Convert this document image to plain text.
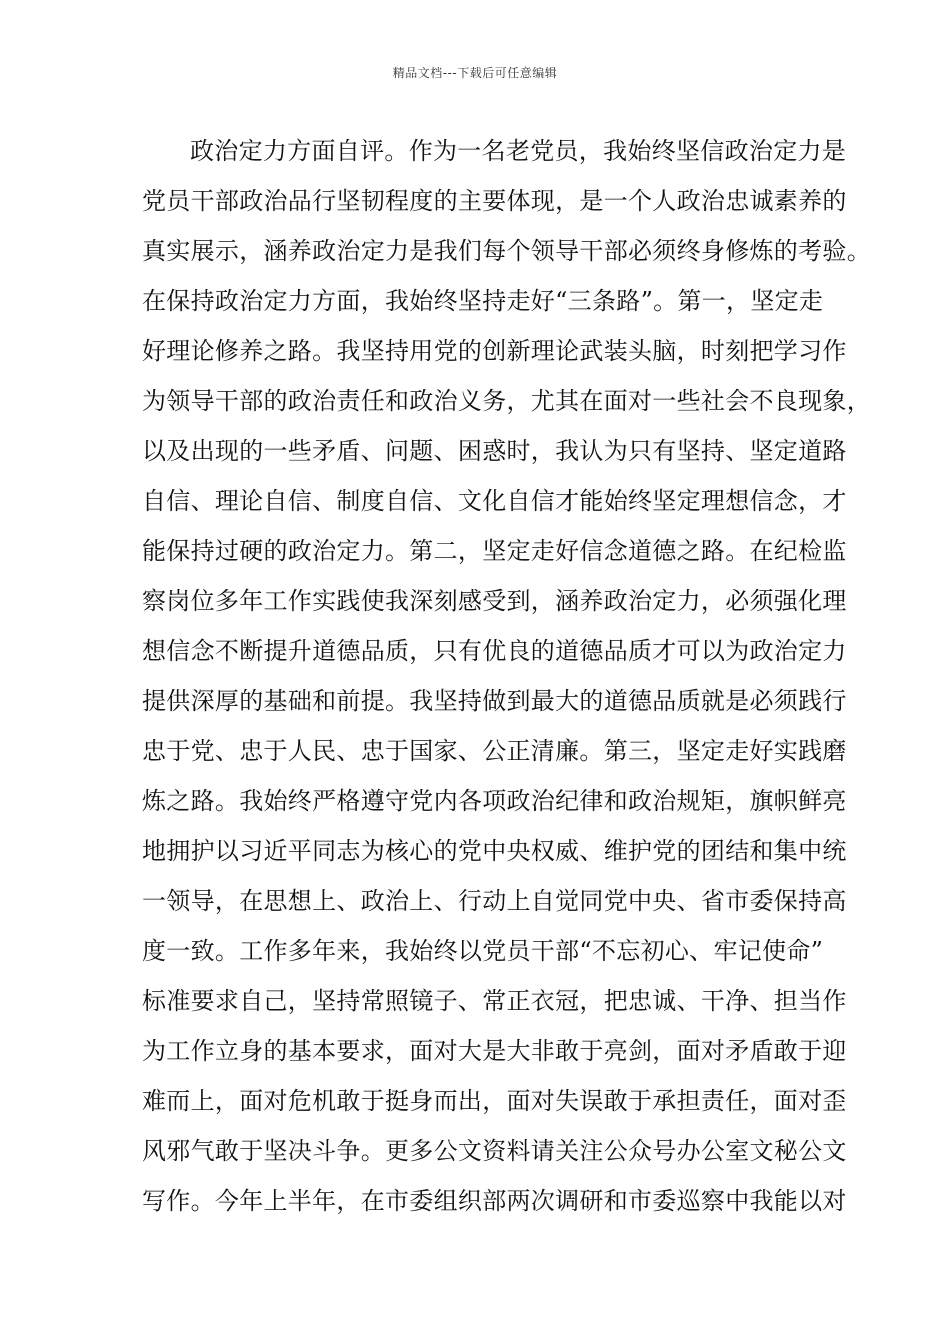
精品文档---下载后可任意编辑
政治定力方面自评。作为一名老党员，我始终坚信政治定力是
党员干部政治品行坚韧程度的主要体现，是一个人政治忠诚素养的
真实展示，涵养政治定力是我们每个领导干部必须终身修炼的考验。
在保持政治定力方面，我始终坚持走好“三条路”。第一，坚定走
好理论修养之路。我坚持用党的创新理论武装头脑，时刻把学习作
为领导干部的政治责任和政治义务，尤其在面对一些社会不良现象，
以及出现的一些矛盾、问题、困惑时，我认为只有坚持、坚定道路
自信、理论自信、制度自信、文化自信才能始终坚定理想信念，才
能保持过硬的政治定力。第二，坚定走好信念道德之路。在纪检监
察岗位多年工作实践使我深刻感受到，涵养政治定力，必须强化理
想信念不断提升道德品质，只有优良的道德品质才可以为政治定力
提供深厚的基础和前提。我坚持做到最大的道德品质就是必须践行
忠于党、忠于人民、忠于国家、公正清廉。第三，坚定走好实践磨
炼之路。我始终严格遵守党内各项政治纪律和政治规矩，旗帜鲜亮
地拥护以习近平同志为核心的党中央权威、维护党的团结和集中统
一领导，在思想上、政治上、行动上自觉同党中央、省市委保持高
度一致。工作多年来，我始终以党员干部“不忘初心、牢记使命”
标准要求自己，坚持常照镜子、常正衣冠，把忠诚、干净、担当作
为工作立身的基本要求，面对大是大非敢于亮剑，面对矛盾敢于迎
难而上，面对危机敢于挺身而出，面对失误敢于承担责任，面对歪
风邪气敢于坚决斗争。更多公文资料请关注公众号办公室文秘公文
写作。今年上半年，在市委组织部两次调研和市委巡察中我能以对
